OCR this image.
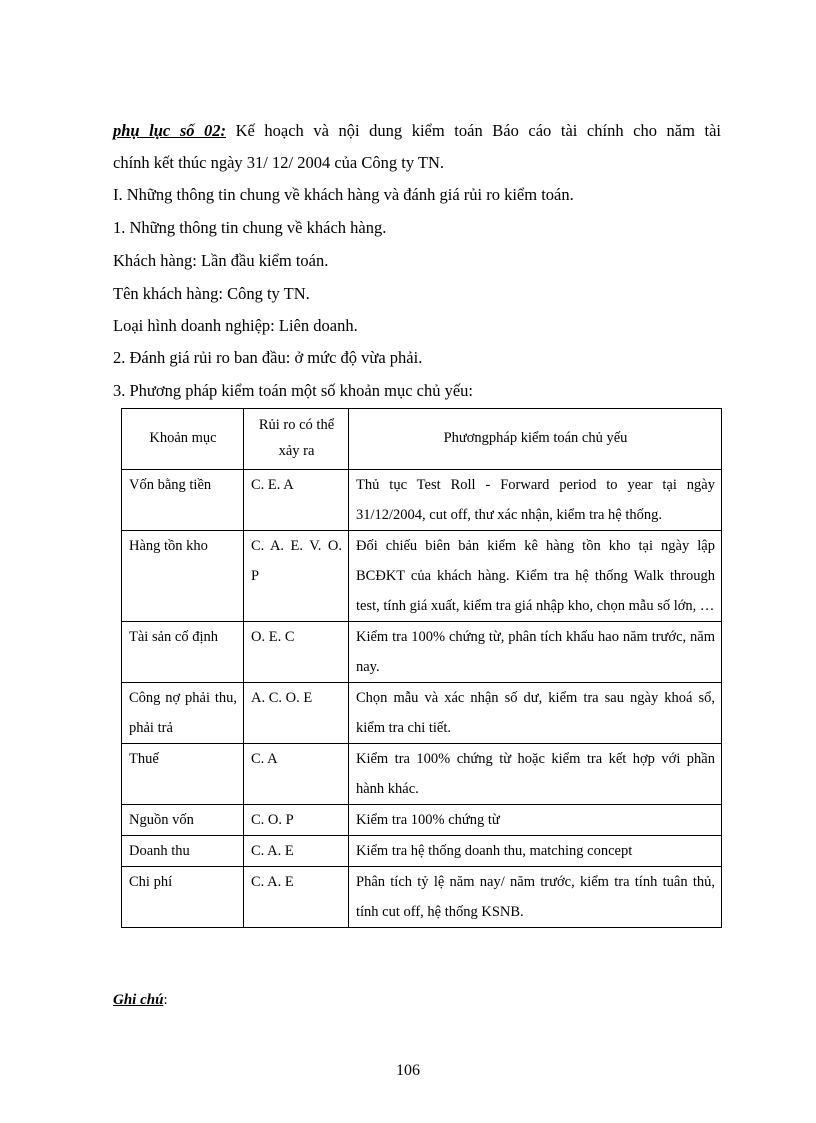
phụ lục số 02: Kế hoạch và nội dung kiểm toán Báo cáo tài chính cho năm tài
chính kết thúc ngày 31/ 12/ 2004 của Công ty TN.
I. Những thông tin chung về khách hàng và đánh giá rủi ro kiểm toán.
1. Những thông tin chung về khách hàng.
Khách hàng: Lần đầu kiểm toán.
Tên khách hàng: Công ty TN.
Loại hình doanh nghiệp: Liên doanh.
2. Đánh giá rủi ro ban đầu: ở mức độ vừa phải.
3. Phương pháp kiểm toán một số khoản mục chủ yếu:
Khoản mục	Rủi ro có thể xảy ra	Phươngpháp kiểm toán chủ yếu
Vốn bằng tiền	C. E. A	Thủ tục Test Roll - Forward period to year tại ngày 31/12/2004, cut off, thư xác nhận, kiểm tra hệ thống.
Hàng tồn kho	C. A. E. V. O. P	Đối chiếu biên bản kiểm kê hàng tồn kho tại ngày lập BCĐKT của khách hàng. Kiểm tra hệ thống Walk through test, tính giá xuất, kiểm tra giá nhập kho, chọn mẫu số lớn, …
Tài sản cố định	O. E. C	Kiểm tra 100% chứng từ, phân tích khấu hao năm trước, năm nay.
Công nợ phải thu, phải trả	A. C. O. E	Chọn mẫu và xác nhận số dư, kiểm tra sau ngày khoá sổ, kiểm tra chi tiết.
Thuế	C. A	Kiểm tra 100% chứng từ hoặc kiểm tra kết hợp với phần hành khác.
Nguồn vốn	C. O. P	Kiểm tra 100% chứng từ
Doanh thu	C. A. E	Kiểm tra hệ thống doanh thu, matching concept
Chi phí	C. A. E	Phân tích tỷ lệ năm nay/ năm trước, kiểm tra tính tuân thủ, tính cut off, hệ thống KSNB.
Ghi chú:
106
